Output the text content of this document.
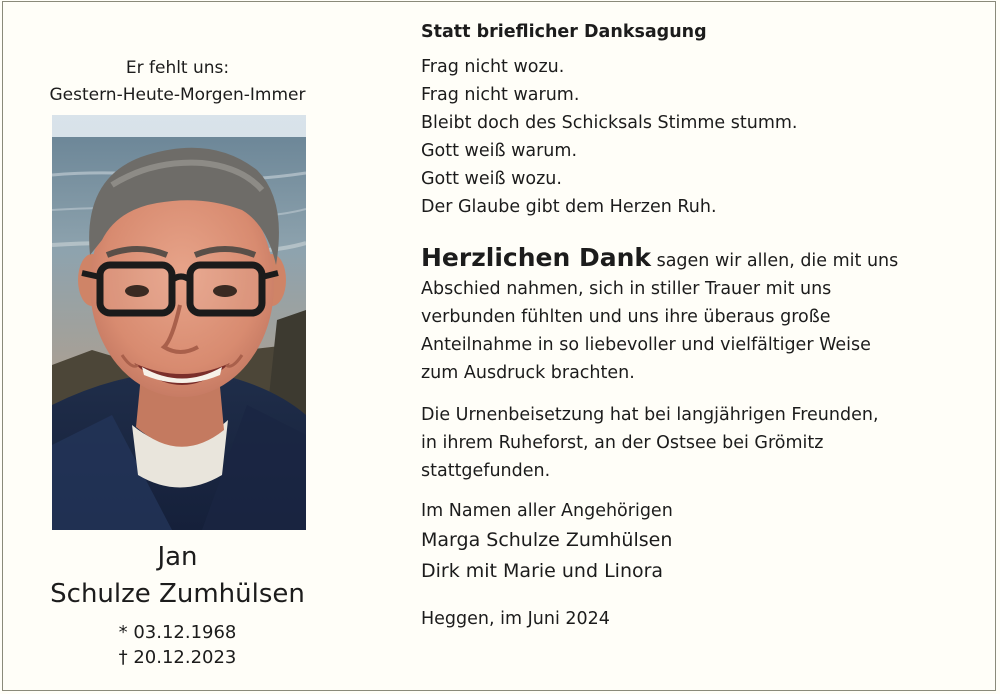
Er fehlt uns:
Gestern-Heute-Morgen-Immer
Jan
Schulze Zumhülsen
* 03.12.1968
† 20.12.2023
Statt brieflicher Danksagung
Frag nicht wozu.
Frag nicht warum.
Bleibt doch des Schicksals Stimme stumm.
Gott weiß warum.
Gott weiß wozu.
Der Glaube gibt dem Herzen Ruh.
Herzlichen Dank sagen wir allen, die mit uns
Abschied nahmen, sich in stiller Trauer mit uns
verbunden fühlten und uns ihre überaus große
Anteilnahme in so liebevoller und vielfältiger Weise
zum Ausdruck brachten.
Die Urnenbeisetzung hat bei langjährigen Freunden,
in ihrem Ruheforst, an der Ostsee bei Grömitz
stattgefunden.
Im Namen aller Angehörigen
Marga Schulze Zumhülsen
Dirk mit Marie und Linora
Heggen, im Juni 2024
